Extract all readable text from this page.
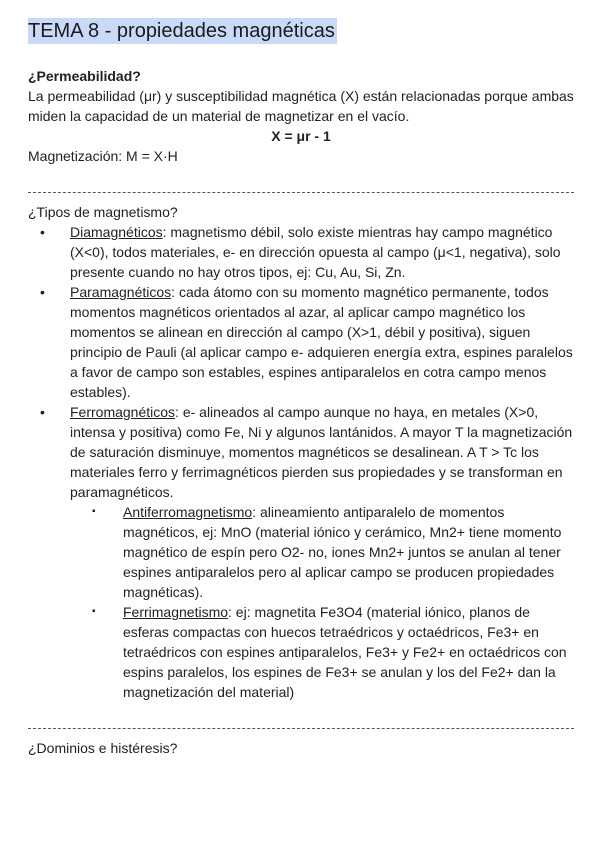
TEMA 8 - propiedades magnéticas

¿Permeabilidad?

La permeabilidad (μr) y susceptibilidad magnética (X) están relacionadas porque ambas miden la capacidad de un material de magnetizar en el vacío.

X = μr - 1

Magnetización: M = X·H

¿Tipos de magnetismo?

• Diamagnéticos: magnetismo débil, solo existe mientras hay campo magnético (X<0), todos materiales, e- en dirección opuesta al campo (μ<1, negativa), solo presente cuando no hay otros tipos, ej: Cu, Au, Si, Zn.
• Paramagnéticos: cada átomo con su momento magnético permanente, todos momentos magnéticos orientados al azar, al aplicar campo magnético los momentos se alinean en dirección al campo (X>1, débil y positiva), siguen principio de Pauli (al aplicar campo e- adquieren energía extra, espines paralelos a favor de campo son estables, espines antiparalelos en cotra campo menos estables).
• Ferromagnéticos: e- alineados al campo aunque no haya, en metales (X>0, intensa y positiva) como Fe, Ni y algunos lantánidos. A mayor T la magnetización de saturación disminuye, momentos magnéticos se desalinean. A T > Tc los materiales ferro y ferrimagnéticos pierden sus propiedades y se transforman en paramagnéticos.
▪ Antiferromagnetismo: alineamiento antiparalelo de momentos magnéticos, ej: MnO (material iónico y cerámico, Mn2+ tiene momento magnético de espín pero O2- no, iones Mn2+ juntos se anulan al tener espines antiparalelos pero al aplicar campo se producen propiedades magnéticas).
▪ Ferrimagnetismo: ej: magnetita Fe3O4 (material iónico, planos de esferas compactas con huecos tetraédricos y octaédricos, Fe3+ en tetraédricos con espines antiparalelos, Fe3+ y Fe2+ en octaédricos con espins paralelos, los espines de Fe3+ se anulan y los del Fe2+ dan la magnetización del material)

¿Dominios e histéresis?
